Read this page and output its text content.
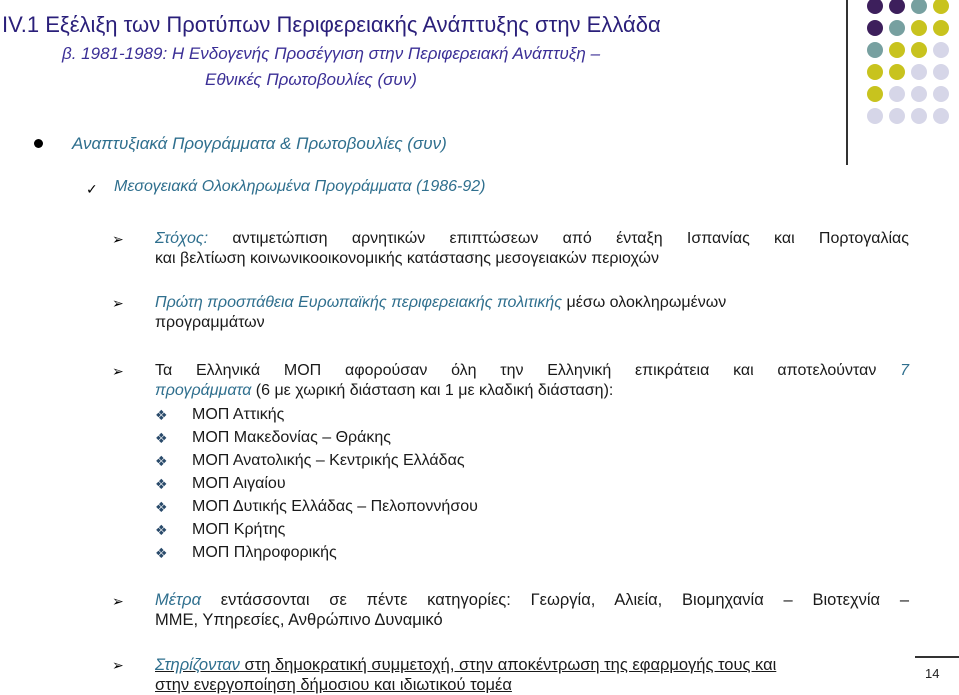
IV.1 Εξέλιξη των Προτύπων Περιφερειακής Ανάπτυξης στην Ελλάδα
β. 1981-1989: Η Ενδογενής Προσέγγιση στην Περιφερειακή Ανάπτυξη –
Εθνικές Πρωτοβουλίες (συν)
14
Αναπτυξιακά Προγράμματα & Πρωτοβουλίες (συν)
✓ Μεσογειακά Ολοκληρωμένα Προγράμματα (1986-92)
➢ Στόχος: αντιμετώπιση αρνητικών επιπτώσεων από ένταξη Ισπανίας και Πορτογαλίας
και βελτίωση κοινωνικοοικονομικής κατάστασης μεσογειακών περιοχών
➢ Πρώτη προσπάθεια Ευρωπαϊκής περιφερειακής πολιτικής μέσω ολοκληρωμένων
προγραμμάτων
➢ Τα Ελληνικά ΜΟΠ αφορούσαν όλη την Ελληνική επικράτεια και αποτελούνταν 7
προγράμματα (6 με χωρική διάσταση και 1 με κλαδική διάσταση):
❖ ΜΟΠ Αττικής
❖ ΜΟΠ Μακεδονίας – Θράκης
❖ ΜΟΠ Ανατολικής – Κεντρικής Ελλάδας
❖ ΜΟΠ Αιγαίου
❖ ΜΟΠ Δυτικής Ελλάδας – Πελοποννήσου
❖ ΜΟΠ Κρήτης
❖ ΜΟΠ Πληροφορικής
➢ Μέτρα εντάσσονται σε πέντε κατηγορίες: Γεωργία, Αλιεία, Βιομηχανία – Βιοτεχνία –
ΜΜΕ, Υπηρεσίες, Ανθρώπινο Δυναμικό
➢ Στηρίζονταν στη δημοκρατική συμμετοχή, στην αποκέντρωση της εφαρμογής τους και
στην ενεργοποίηση δήμοσιου και ιδιωτικού τομέα
